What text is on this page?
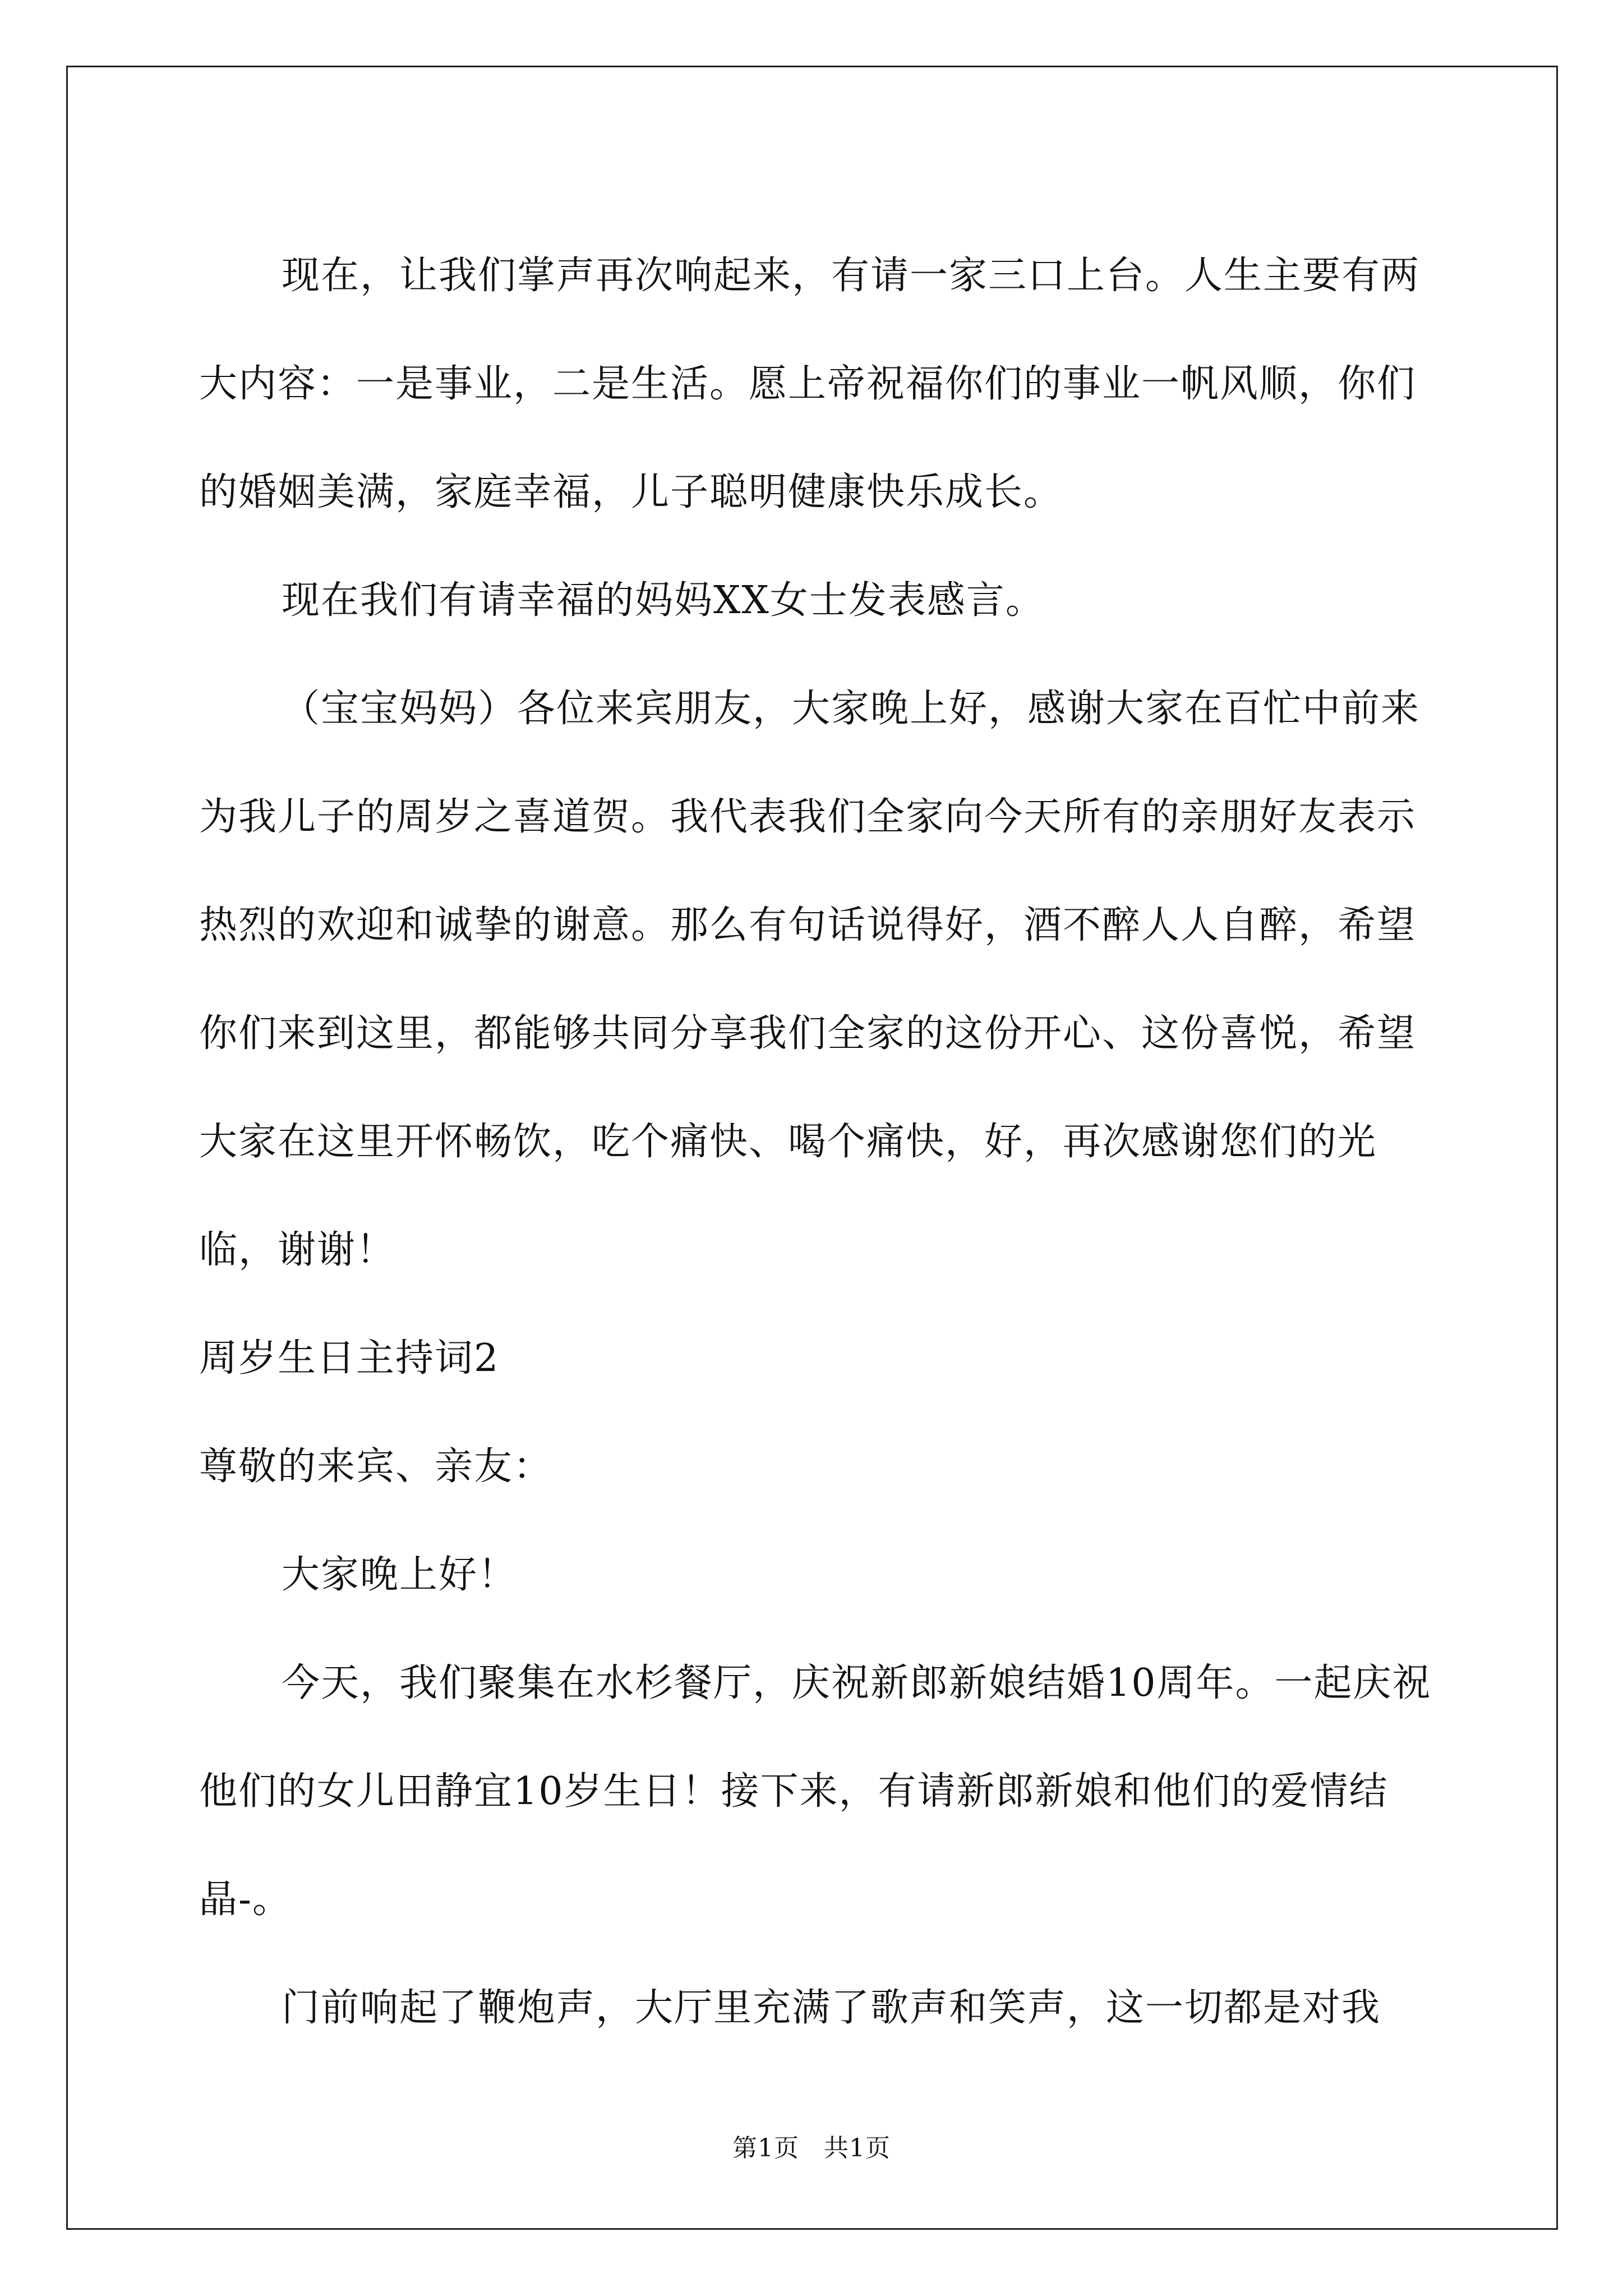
现在，让我们掌声再次响起来，有请一家三口上台。人生主要有两大内容：一是事业，二是生活。愿上帝祝福你们的事业一帆风顺，你们的婚姻美满，家庭幸福，儿子聪明健康快乐成长。

现在我们有请幸福的妈妈XX女士发表感言。

（宝宝妈妈）各位来宾朋友，大家晚上好，感谢大家在百忙中前来为我儿子的周岁之喜道贺。我代表我们全家向今天所有的亲朋好友表示热烈的欢迎和诚挚的谢意。那么有句话说得好，酒不醉人人自醉，希望你们来到这里，都能够共同分享我们全家的这份开心、这份喜悦，希望大家在这里开怀畅饮，吃个痛快、喝个痛快，好，再次感谢您们的光临，谢谢！

周岁生日主持词2

尊敬的来宾、亲友：

大家晚上好！

今天，我们聚集在水杉餐厅，庆祝新郎新娘结婚10周年。一起庆祝他们的女儿田静宜10岁生日！接下来，有请新郎新娘和他们的爱情结晶-。

门前响起了鞭炮声，大厅里充满了歌声和笑声，这一切都是对我

第1页 共1页
